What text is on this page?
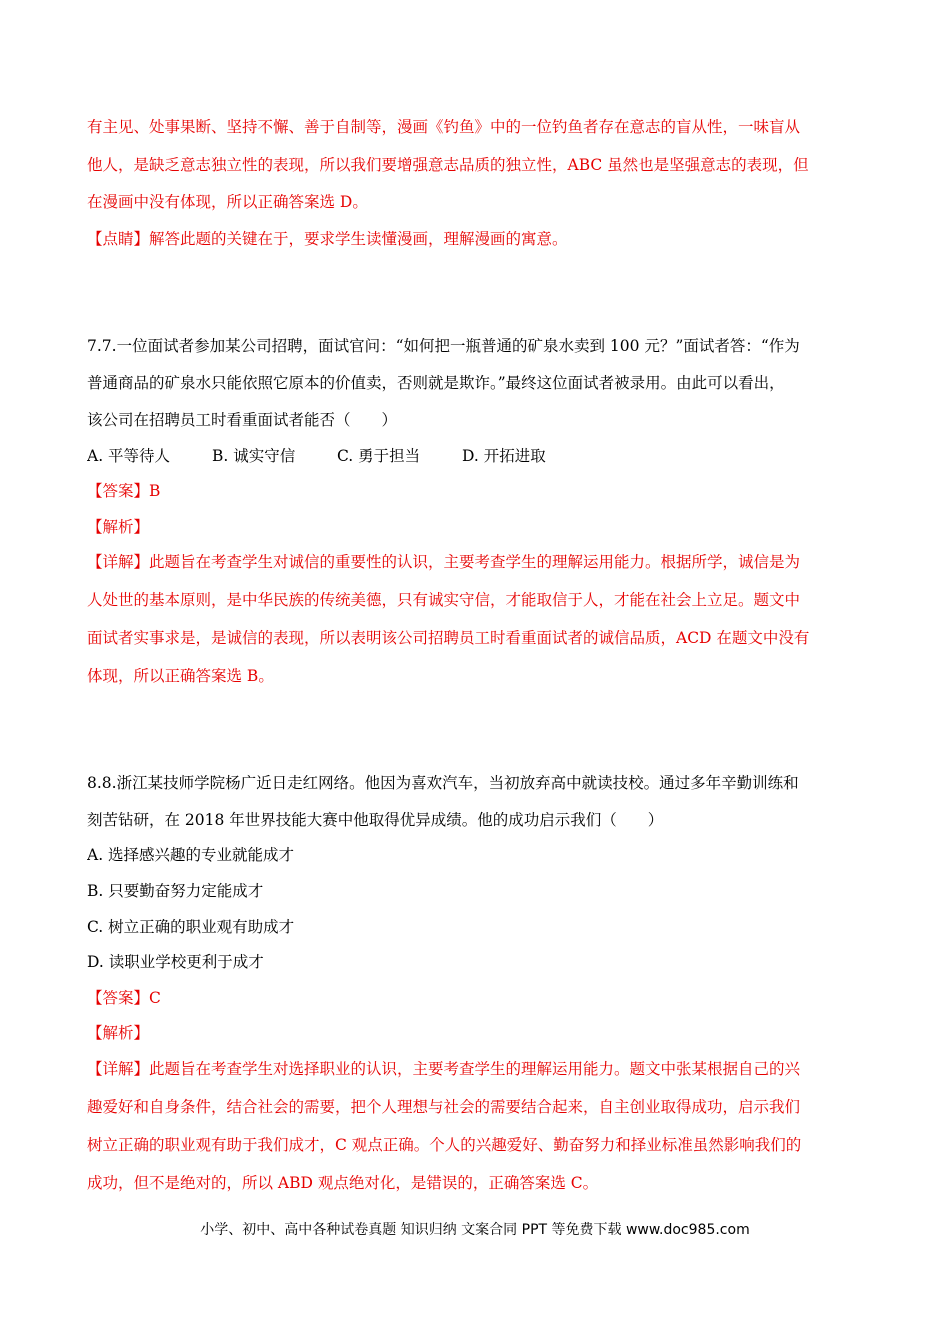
有主见、处事果断、坚持不懈、善于自制等，漫画《钓鱼》中的一位钓鱼者存在意志的盲从性，一味盲从
他人，是缺乏意志独立性的表现，所以我们要增强意志品质的独立性，ABC 虽然也是坚强意志的表现，但
在漫画中没有体现，所以正确答案选 D。
【点睛】解答此题的关键在于，要求学生读懂漫画，理解漫画的寓意。
7.7.一位面试者参加某公司招聘，面试官问：“如何把一瓶普通的矿泉水卖到 100 元？”面试者答：“作为
普通商品的矿泉水只能依照它原本的价值卖，否则就是欺诈。”最终这位面试者被录用。由此可以看出，
该公司在招聘员工时看重面试者能否（　　）
A. 平等待人	B. 诚实守信	C. 勇于担当	D. 开拓进取
【答案】B
【解析】
【详解】此题旨在考查学生对诚信的重要性的认识，主要考查学生的理解运用能力。根据所学，诚信是为
人处世的基本原则，是中华民族的传统美德，只有诚实守信，才能取信于人，才能在社会上立足。题文中
面试者实事求是，是诚信的表现，所以表明该公司招聘员工时看重面试者的诚信品质，ACD 在题文中没有
体现，所以正确答案选 B。
8.8.浙江某技师学院杨广近日走红网络。他因为喜欢汽车，当初放弃高中就读技校。通过多年辛勤训练和
刻苦钻研，在 2018 年世界技能大赛中他取得优异成绩。他的成功启示我们（　　）
A. 选择感兴趣的专业就能成才
B. 只要勤奋努力定能成才
C. 树立正确的职业观有助成才
D. 读职业学校更利于成才
【答案】C
【解析】
【详解】此题旨在考查学生对选择职业的认识，主要考查学生的理解运用能力。题文中张某根据自己的兴
趣爱好和自身条件，结合社会的需要，把个人理想与社会的需要结合起来，自主创业取得成功，启示我们
树立正确的职业观有助于我们成才，C 观点正确。个人的兴趣爱好、勤奋努力和择业标准虽然影响我们的
成功，但不是绝对的，所以 ABD 观点绝对化，是错误的，正确答案选 C。
小学、初中、高中各种试卷真题 知识归纳 文案合同 PPT 等免费下载 www.doc985.com
